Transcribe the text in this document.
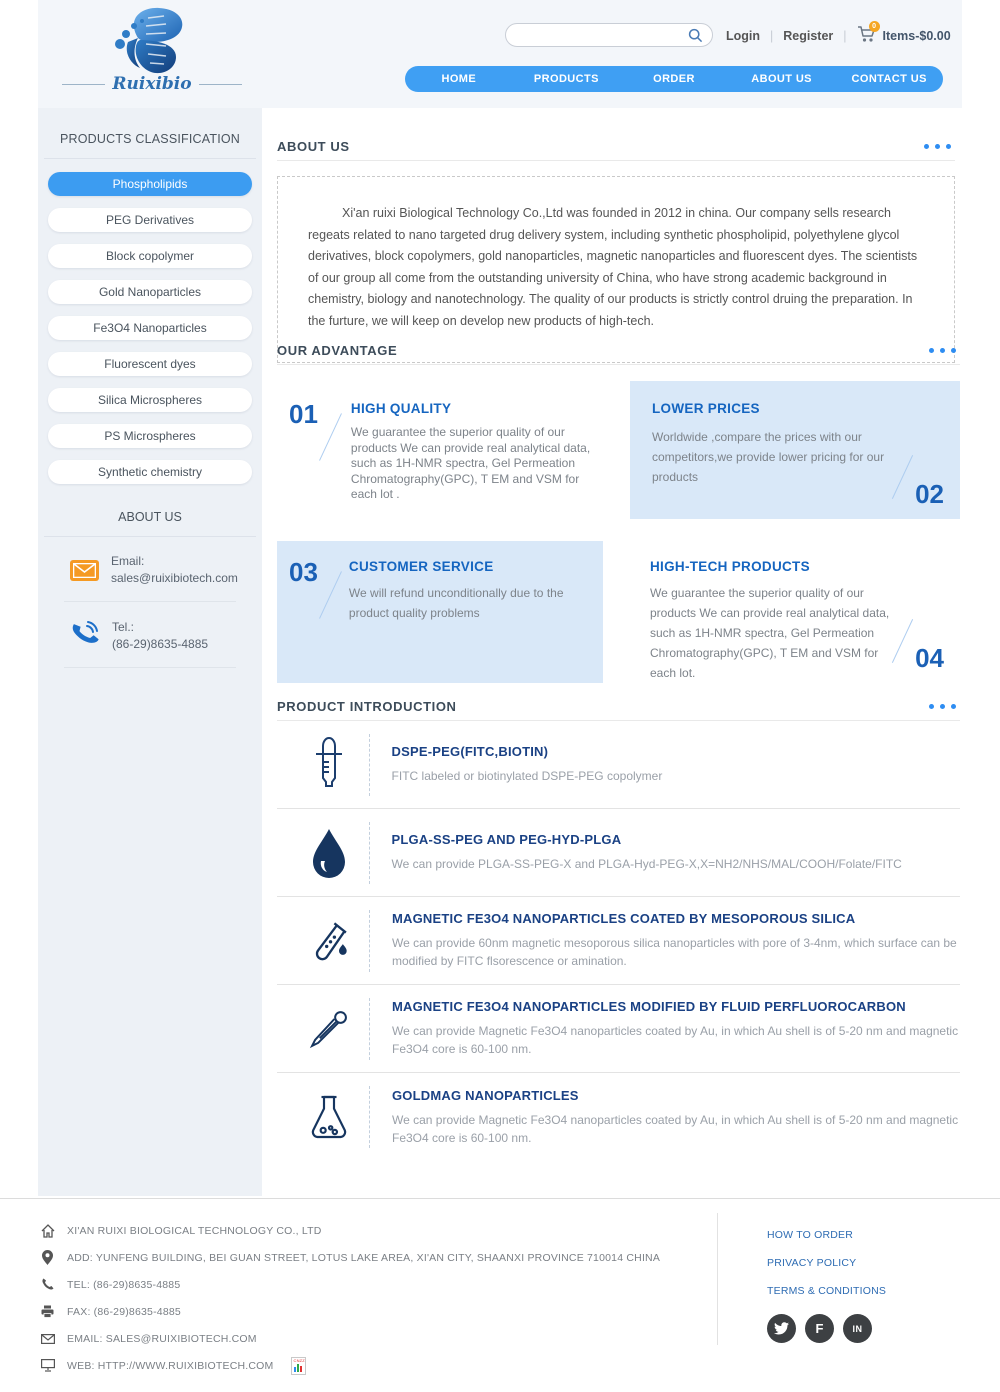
Ruixibio
Login | Register |
0
Items-$0.00
HOME	PRODUCTS	ORDER	ABOUT US	CONTACT US
PRODUCTS CLASSIFICATION
Phospholipids
PEG Derivatives
Block copolymer
Gold Nanoparticles
Fe3O4 Nanoparticles
Fluorescent dyes
Silica Microspheres
PS Microspheres
Synthetic chemistry
ABOUT US
Email:
sales@ruixibiotech.com
Tel.:
(86-29)8635-4885
ABOUT US

Xi'an ruixi Biological Technology Co.,Ltd was founded in 2012 in china. Our company sells research regeats related to nano targeted drug delivery system, including synthetic phospholipid, polyethylene glycol derivatives, block copolymers, gold nanoparticles, magnetic nanoparticles and fluorescent dyes. The scientists of our group all come from the outstanding university of China, who have strong academic background in chemistry, biology and nanotechnology. The quality of our products is strictly control druing the preparation. In the furture, we will keep on develop new products of high-tech.

OUR ADVANTAGE
01 HIGH QUALITY
We guarantee the superior quality of our products We can provide real analytical data, such as 1H-NMR spectra, Gel Permeation Chromatography(GPC), T EM and VSM for each lot .
LOWER PRICES
Worldwide ,compare the prices with our competitors,we provide lower pricing for our products
02
03 CUSTOMER SERVICE
We will refund unconditionally due to the product quality problems
HIGH-TECH PRODUCTS
We guarantee the superior quality of our products We can provide real analytical data, such as 1H-NMR spectra, Gel Permeation Chromatography(GPC), T EM and VSM for each lot.	04
PRODUCT INTRODUCTION
DSPE-PEG(FITC,BIOTIN)
FITC labeled or biotinylated DSPE-PEG copolymer
PLGA-SS-PEG AND PEG-HYD-PLGA
We can provide PLGA-SS-PEG-X and PLGA-Hyd-PEG-X,X=NH2/NHS/MAL/COOH/Folate/FITC
MAGNETIC FE3O4 NANOPARTICLES COATED BY MESOPOROUS SILICA
We can provide 60nm magnetic mesoporous silica nanoparticles with pore of 3-4nm, which surface can be modified by FITC flsorescence or amination.
MAGNETIC FE3O4 NANOPARTICLES MODIFIED BY FLUID PERFLUOROCARBON
We can provide Magnetic Fe3O4 nanoparticles coated by Au, in which Au shell is of 5-20 nm and magnetic Fe3O4 core is 60-100 nm.
GOLDMAG NANOPARTICLES
We can provide Magnetic Fe3O4 nanoparticles coated by Au, in which Au shell is of 5-20 nm and magnetic Fe3O4 core is 60-100 nm.
XI'AN RUIXI BIOLOGICAL TECHNOLOGY CO., LTD
ADD: YUNFENG BUILDING, BEI GUAN STREET, LOTUS LAKE AREA, XI'AN CITY, SHAANXI PROVINCE 710014 CHINA
TEL: (86-29)8635-4885
FAX: (86-29)8635-4885
EMAIL: SALES@RUIXIBIOTECH.COM
WEB: HTTP://WWW.RUIXIBIOTECH.COM	CNZZ
HOW TO ORDER
PRIVACY POLICY
TERMS & CONDITIONS
F	IN
